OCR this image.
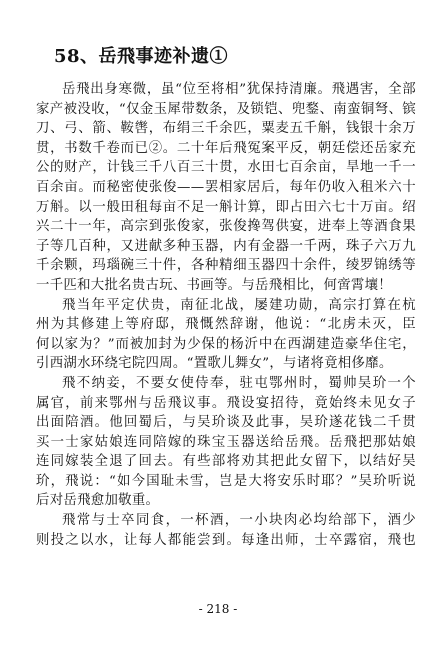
58、岳飛事迹补遗①
岳飛出身寒微，虽“位至将相”犹保持清廉。飛遇害，全部
家产被没收，“仅金玉犀带数条，及锁铠、兜鍪、南蛮铜弩、镔
刀、弓、箭、鞍辔，布绢三千余匹，粟麦五千斛，钱银十余万
贯，书数千卷而已②。二十年后飛冤案平反，朝廷偿还岳家充
公的财产，计钱三千八百三十贯，水田七百余亩，旱地一千一
百余亩。而秘密使张俊——罢相家居后，每年仍收入租米六十
万斛。以一般田租每亩不足一斛计算，即占田六七十万亩。绍
兴二十一年，高宗到张俊家，张俊搀驾供宴，进奉上等酒食果
子等几百种，又进献多种玉器，内有金器一千两，珠子六万九
千余颗，玛瑙碗三十件，各种精细玉器四十余件，绫罗锦绣等
一千匹和大批名贵古玩、书画等。与岳飛相比，何啻霄壤！
飛当年平定伏贵，南征北战，屡建功勋，高宗打算在杭
州为其修建上等府邸，飛慨然辞谢，他说：“北虏未灭，臣
何以家为？”而被加封为少保的杨沂中在西湖建造豪华住宅，
引西湖水环绕宅院四周。“置歌儿舞女”，与诸将竟相侈靡。
飛不纳妾，不要女使侍奉，驻屯鄂州时，蜀帅吴玠一个
属官，前来鄂州与岳飛议事。飛设宴招待，竟始终未见女子
出面陪酒。他回蜀后，与吴玠谈及此事，吴玠遂花钱二千贯
买一士家姑娘连同陪嫁的珠宝玉器送给岳飛。岳飛把那姑娘
连同嫁装全退了回去。有些部将劝其把此女留下，以结好吴
玠，飛说：“如今国耻未雪，岂是大将安乐时耶？”吴玠听说
后对岳飛愈加敬重。
飛常与士卒同食，一杯酒，一小块肉必均给部下，酒少
则投之以水，让每人都能尝到。每逢出师，士卒露宿，飛也
- 218 -
